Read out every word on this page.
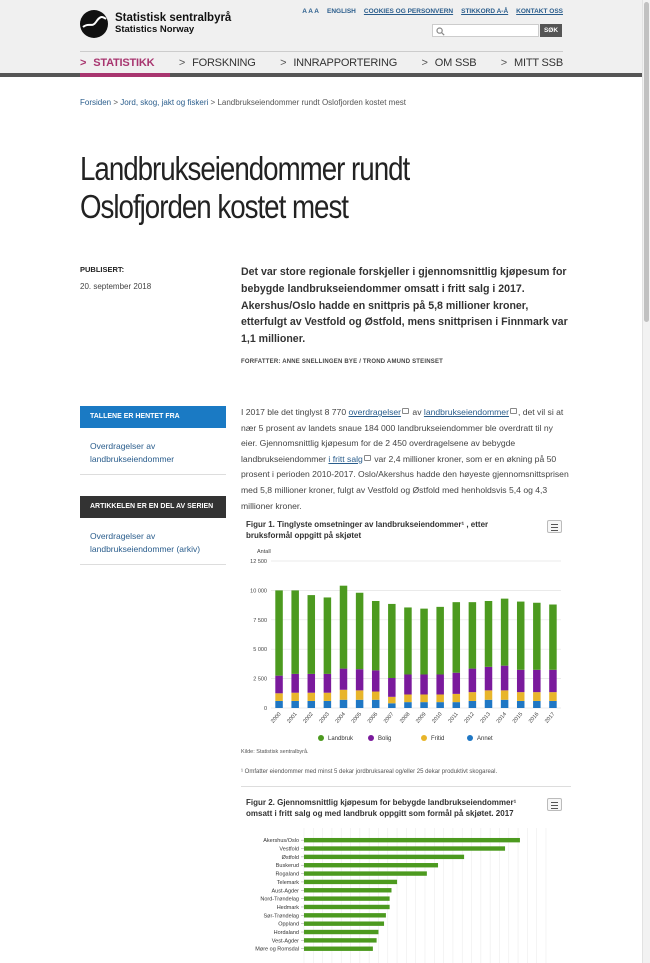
Statistisk sentralbyrå
Statistics Norway
A A A ENGLISH COOKIES OG PERSONVERN STIKKORD A-Å KONTAKT OSS
SØK
> STATISTIKK > FORSKNING > INNRAPPORTERING > OM SSB > MITT SSB
Forsiden > Jord, skog, jakt og fiskeri > Landbrukseiendommer rundt Oslofjorden kostet mest
Landbrukseiendommer rundt
Oslofjorden kostet mest
PUBLISERT:
20. september 2018
Det var store regionale forskjeller i gjennomsnittlig kjøpesum for bebygde landbrukseiendommer omsatt i fritt salg i 2017. Akershus/Oslo hadde en snittpris på 5,8 millioner kroner, etterfulgt av Vestfold og Østfold, mens snittprisen i Finnmark var 1,1 millioner.
FORFATTER: ANNE SNELLINGEN BYE / TROND AMUND STEINSET
TALLENE ER HENTET FRA
Overdragelser av landbrukseiendommer
ARTIKKELEN ER EN DEL AV SERIEN
Overdragelser av landbrukseiendommer (arkiv)
I 2017 ble det tinglyst 8 770 overdragelser av landbrukseiendommer , det vil si at nær 5 prosent av landets snaue 184 000 landbrukseiendommer ble overdratt til ny eier. Gjennomsnittlig kjøpesum for de 2 450 overdragelsene av bebygde landbrukseiendommer i fritt salg var 2,4 millioner kroner, som er en økning på 50 prosent i perioden 2010-2017. Oslo/Akershus hadde den høyeste gjennomsnittsprisen med 5,8 millioner kroner, fulgt av Vestfold og Østfold med henholdsvis 5,4 og 4,3 millioner kroner.
Figur 1. Tinglyste omsetninger av landbrukseiendommer¹ , etter bruksformål oppgitt på skjøtet
Antall
0
2 500
5 000
7 500
10 000
12 500
2000 2001 2002 2003 2004 2005 2006 2007 2008 2009 2010 2011 2012 2013 2014 2015 2016 2017
Landbruk	Bolig	Fritid	Annet
Kilde: Statistisk sentralbyrå.
¹ Omfatter eiendommer med minst 5 dekar jordbruksareal og/eller 25 dekar produktivt skogareal.
Figur 2. Gjennomsnittlig kjøpesum for bebygde landbrukseiendommer¹ omsatt i fritt salg og med landbruk oppgitt som formål på skjøtet. 2017
Akershus/Oslo
Vestfold
Østfold
Buskerud
Rogaland
Telemark
Aust-Agder
Nord-Trøndelag
Hedmark
Sør-Trøndelag
Oppland
Hordaland
Vest-Agder
Møre og Romsdal
